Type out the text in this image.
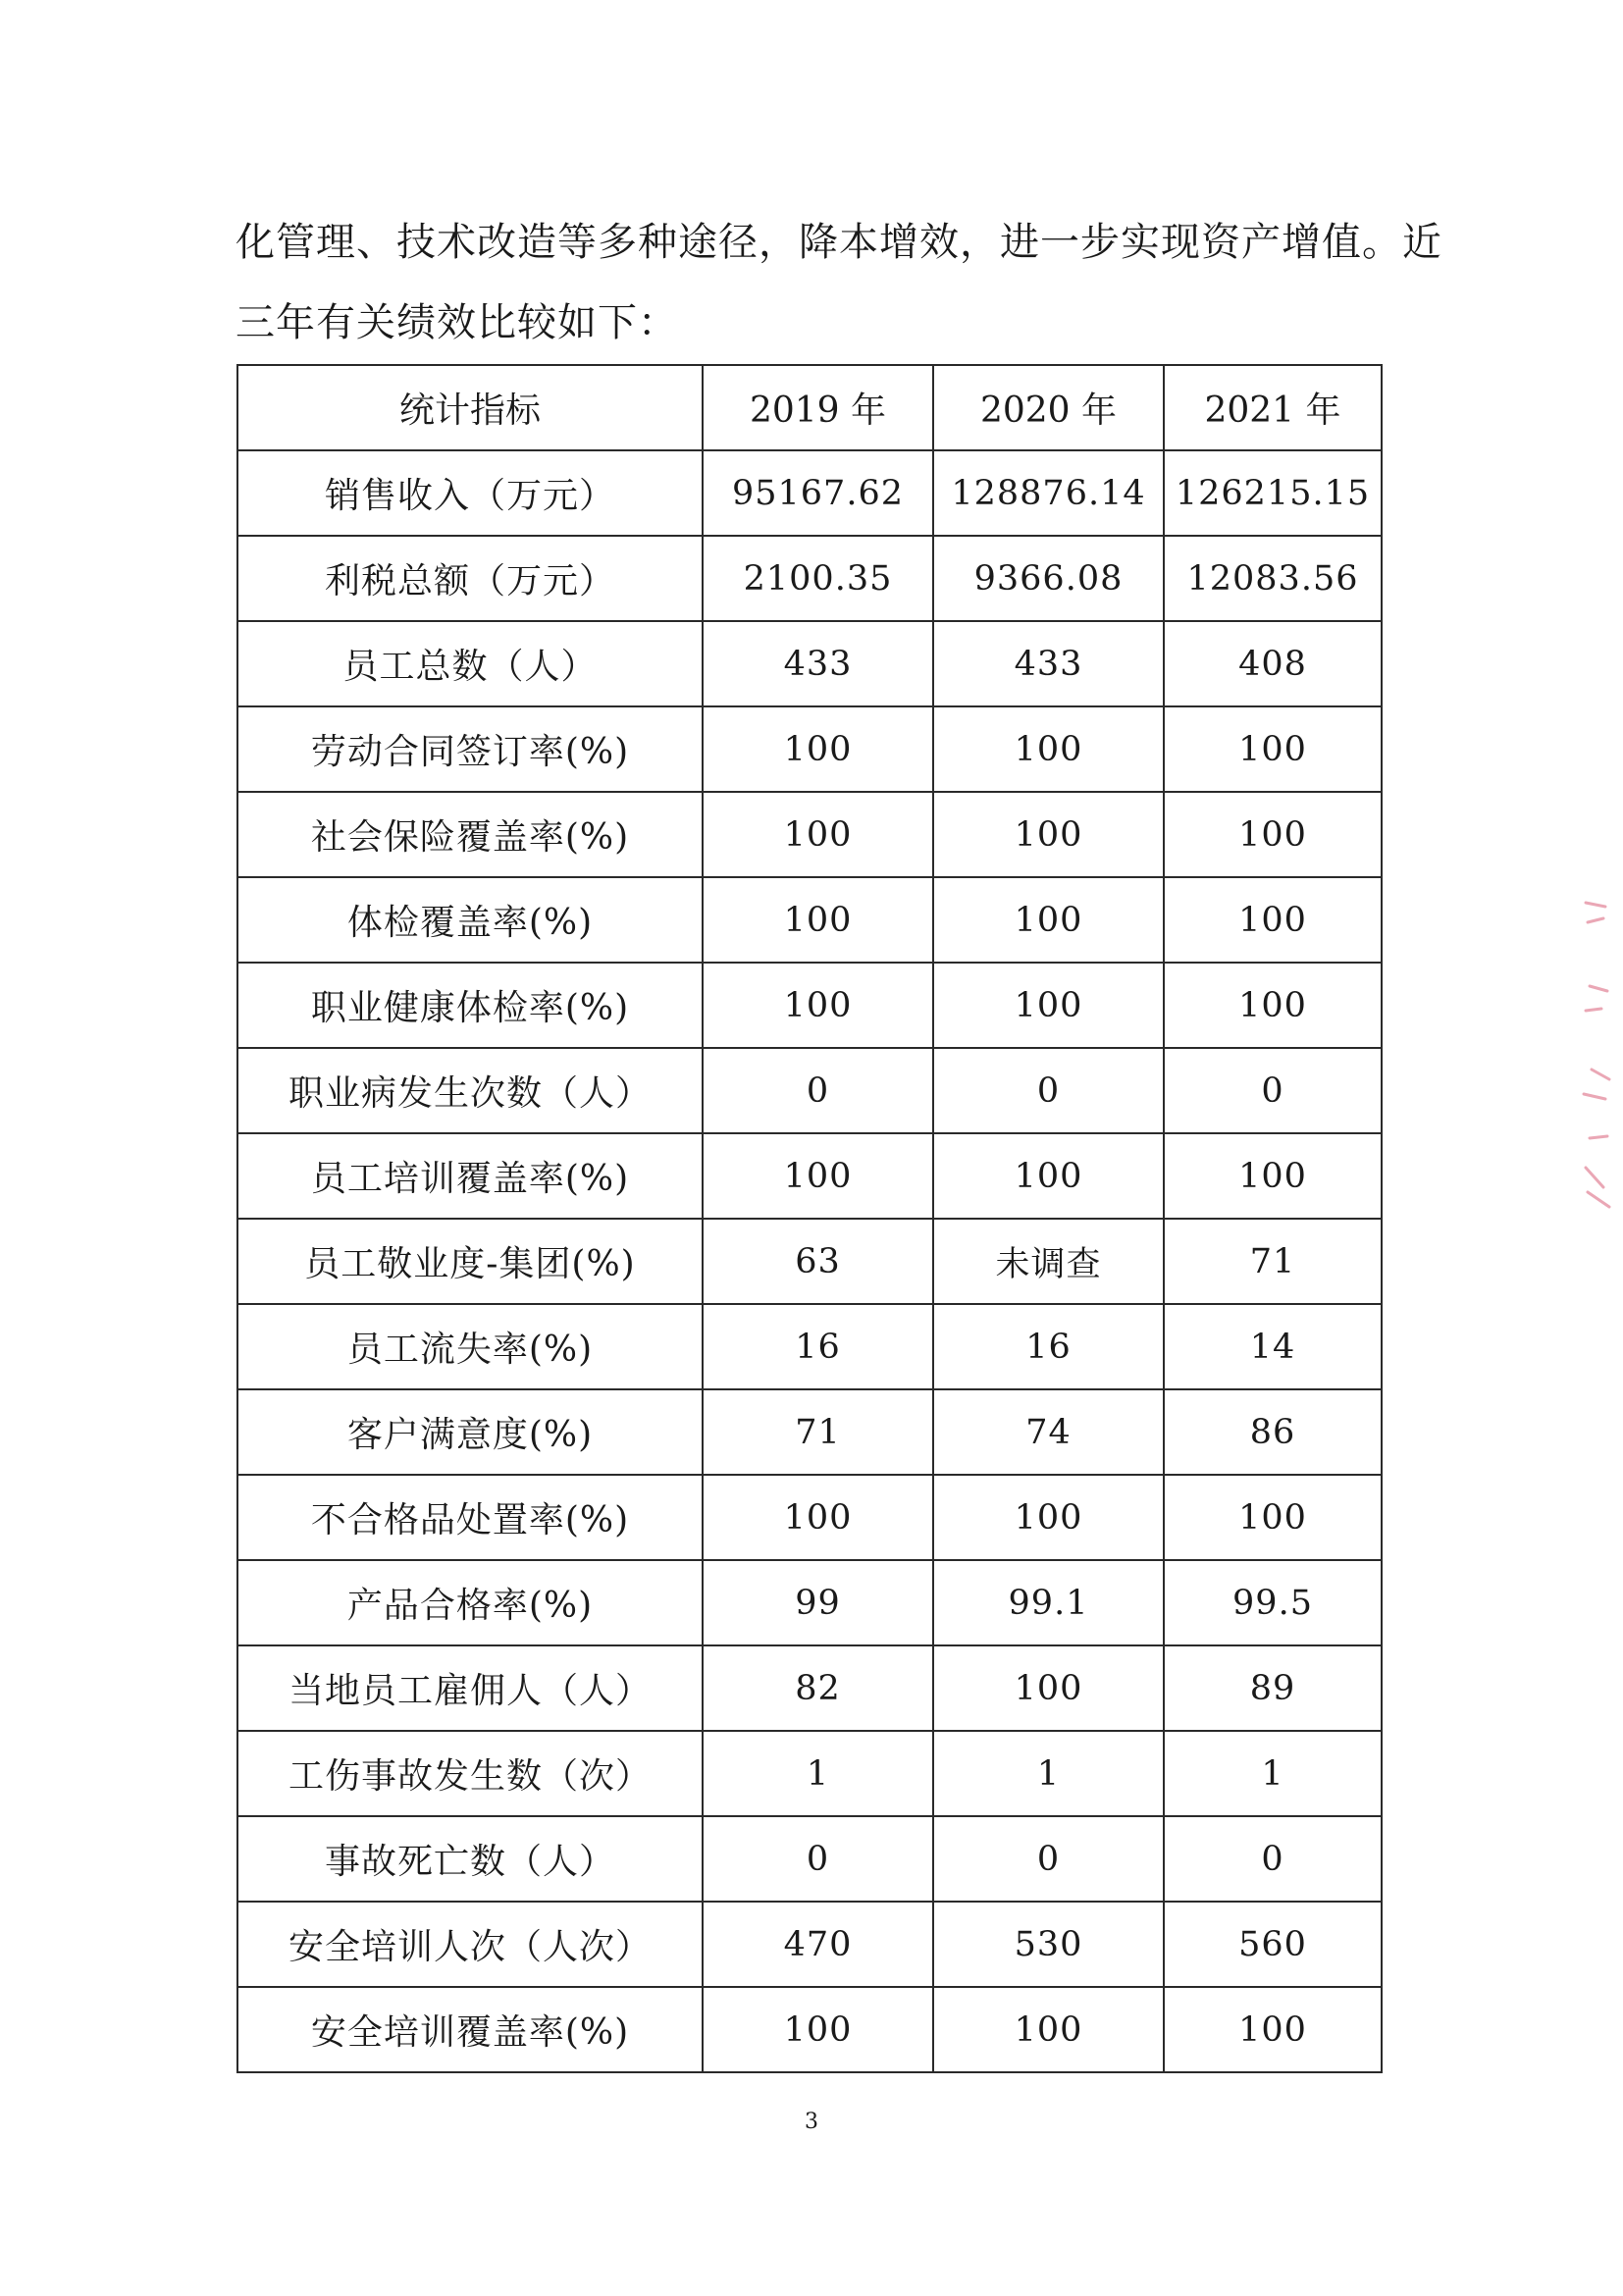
化管理、技术改造等多种途径，降本增效，进一步实现资产增值。近

三年有关绩效比较如下：

统计指标	2019 年	2020 年	2021 年
销售收入（万元）	95167.62	128876.14	126215.15
利税总额（万元）	2100.35	9366.08	12083.56
员工总数（人）	433	433	408
劳动合同签订率(%)	100	100	100
社会保险覆盖率(%)	100	100	100
体检覆盖率(%)	100	100	100
职业健康体检率(%)	100	100	100
职业病发生次数（人）	0	0	0
员工培训覆盖率(%)	100	100	100
员工敬业度-集团(%)	63	未调查	71
员工流失率(%)	16	16	14
客户满意度(%)	71	74	86
不合格品处置率(%)	100	100	100
产品合格率(%)	99	99.1	99.5
当地员工雇佣人（人）	82	100	89
工伤事故发生数（次）	1	1	1
事故死亡数（人）	0	0	0
安全培训人次（人次）	470	530	560
安全培训覆盖率(%)	100	100	100
3
